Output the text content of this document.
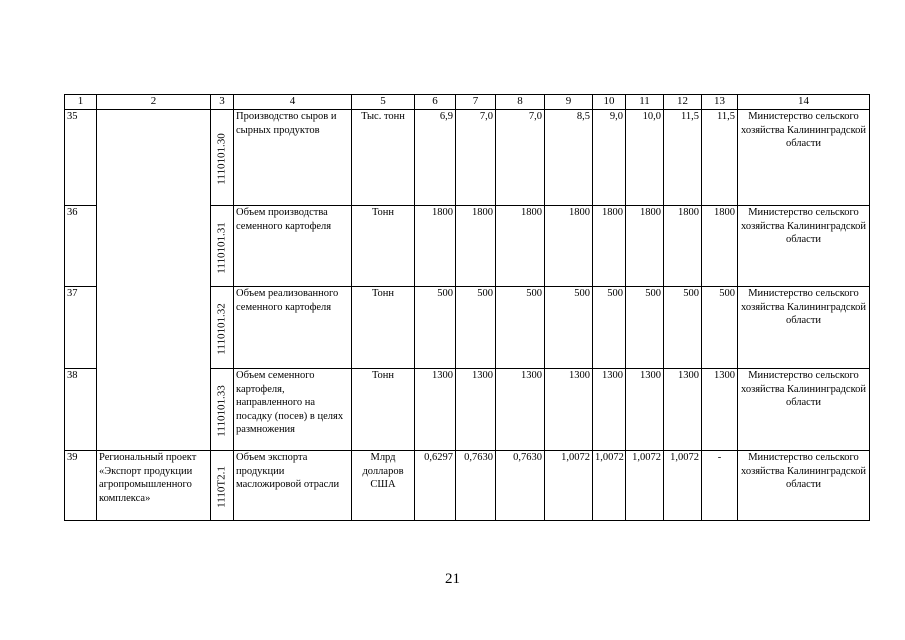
1	2	3	4	5	6	7	8	9	10	11	12	13	14
35		1110101.30	Производство сыров и сырных продуктов	Тыс. тонн	6,9	7,0	7,0	8,5	9,0	10,0	11,5	11,5	Министерство сельского хозяйства Калининградской области
36		1110101.31	Объем производства семенного картофеля	Тонн	1800	1800	1800	1800	1800	1800	1800	1800	Министерство сельского хозяйства Калининградской области
37		1110101.32	Объем реализованного семенного картофеля	Тонн	500	500	500	500	500	500	500	500	Министерство сельского хозяйства Калининградской области
38		1110101.33	Объем семенного картофеля, направленного на посадку (посев) в целях размножения	Тонн	1300	1300	1300	1300	1300	1300	1300	1300	Министерство сельского хозяйства Калининградской области
39	Региональный проект «Экспорт продукции агропромышленного комплекса»	1110Т2.1	Объем экспорта продукции масложировой отрасли	Млрд долларов США	0,6297	0,7630	0,7630	1,0072	1,0072	1,0072	1,0072	-	Министерство сельского хозяйства Калининградской области
21
